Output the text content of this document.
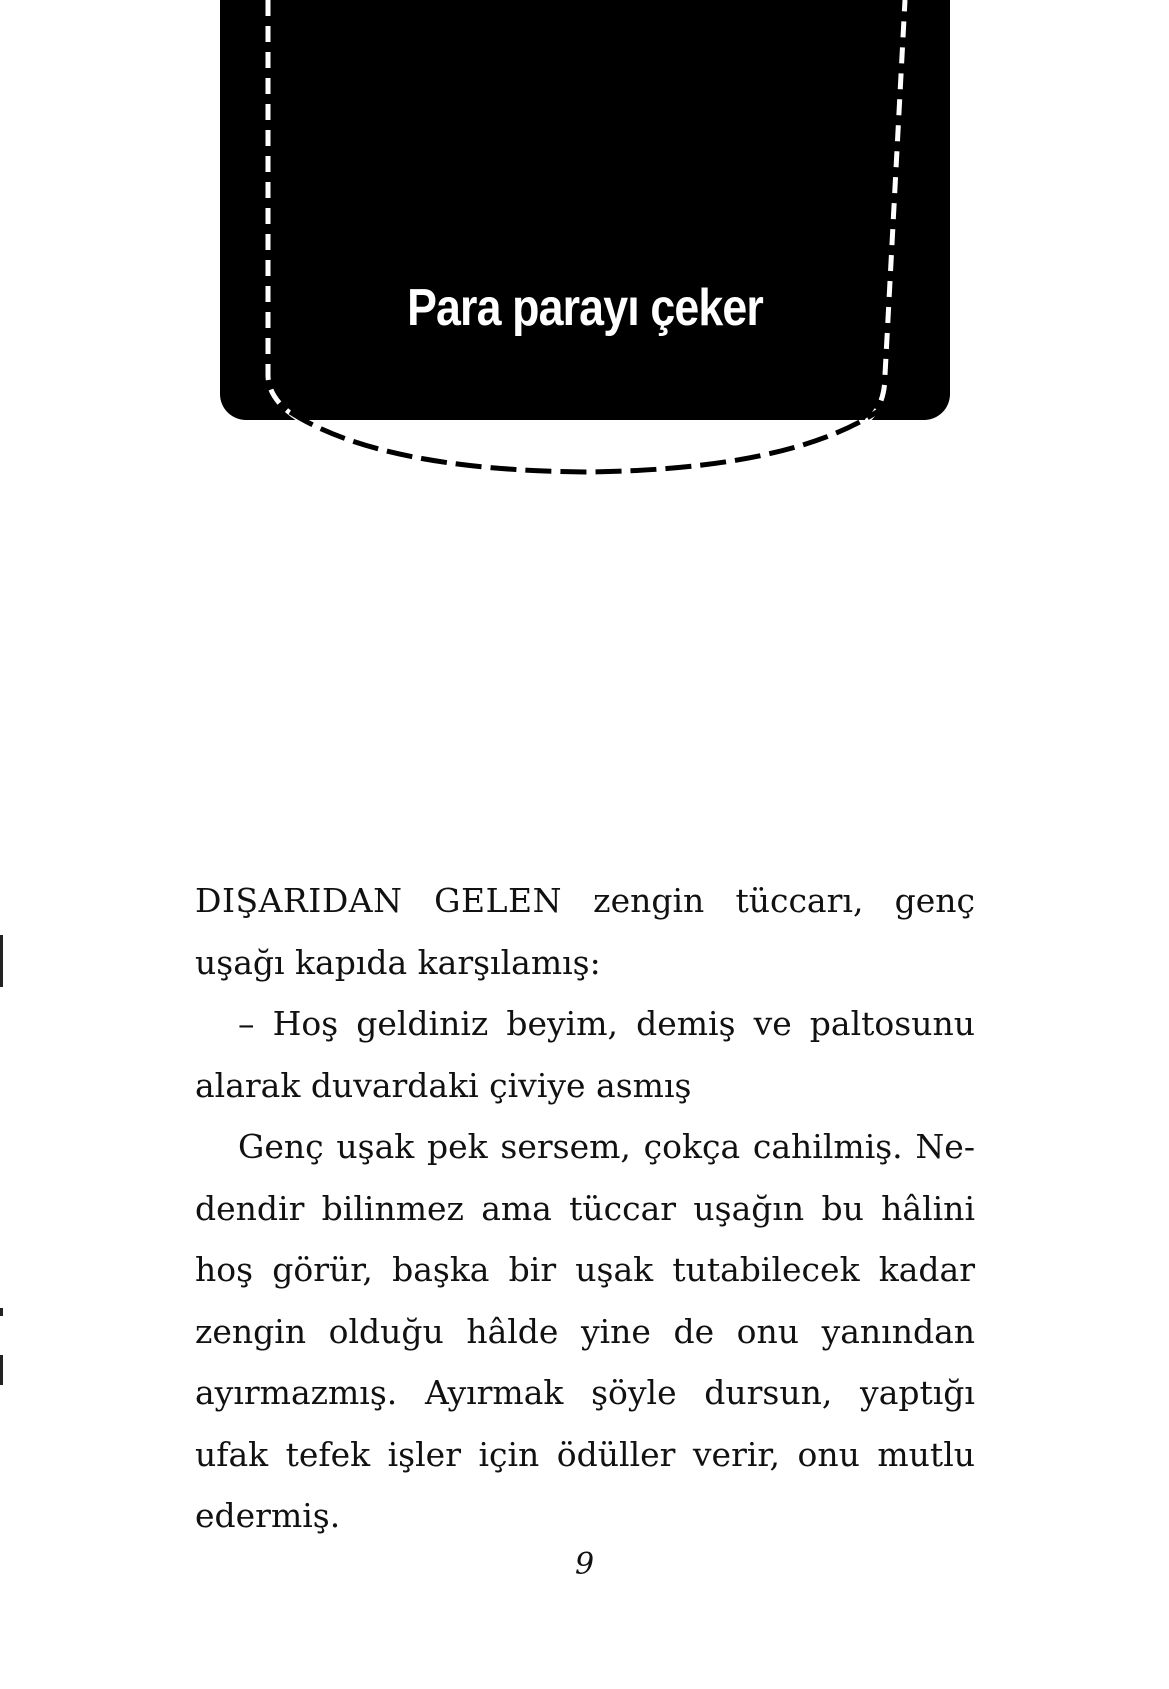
Para parayı çeker

DIŞARIDAN GELEN zengin tüccarı, genç uşağı kapıda karşılamış:

– Hoş geldiniz beyim, demiş ve paltosunu alarak duvardaki çiviye asmış

Genç uşak pek sersem, çokça cahilmiş. Nedendir bilinmez ama tüccar uşağın bu hâlini hoş görür, başka bir uşak tutabilecek kadar zengin olduğu hâlde yine de onu yanından ayırmazmış. Ayırmak şöyle dursun, yaptığı ufak tefek işler için ödüller verir, onu mutlu edermiş.

9
